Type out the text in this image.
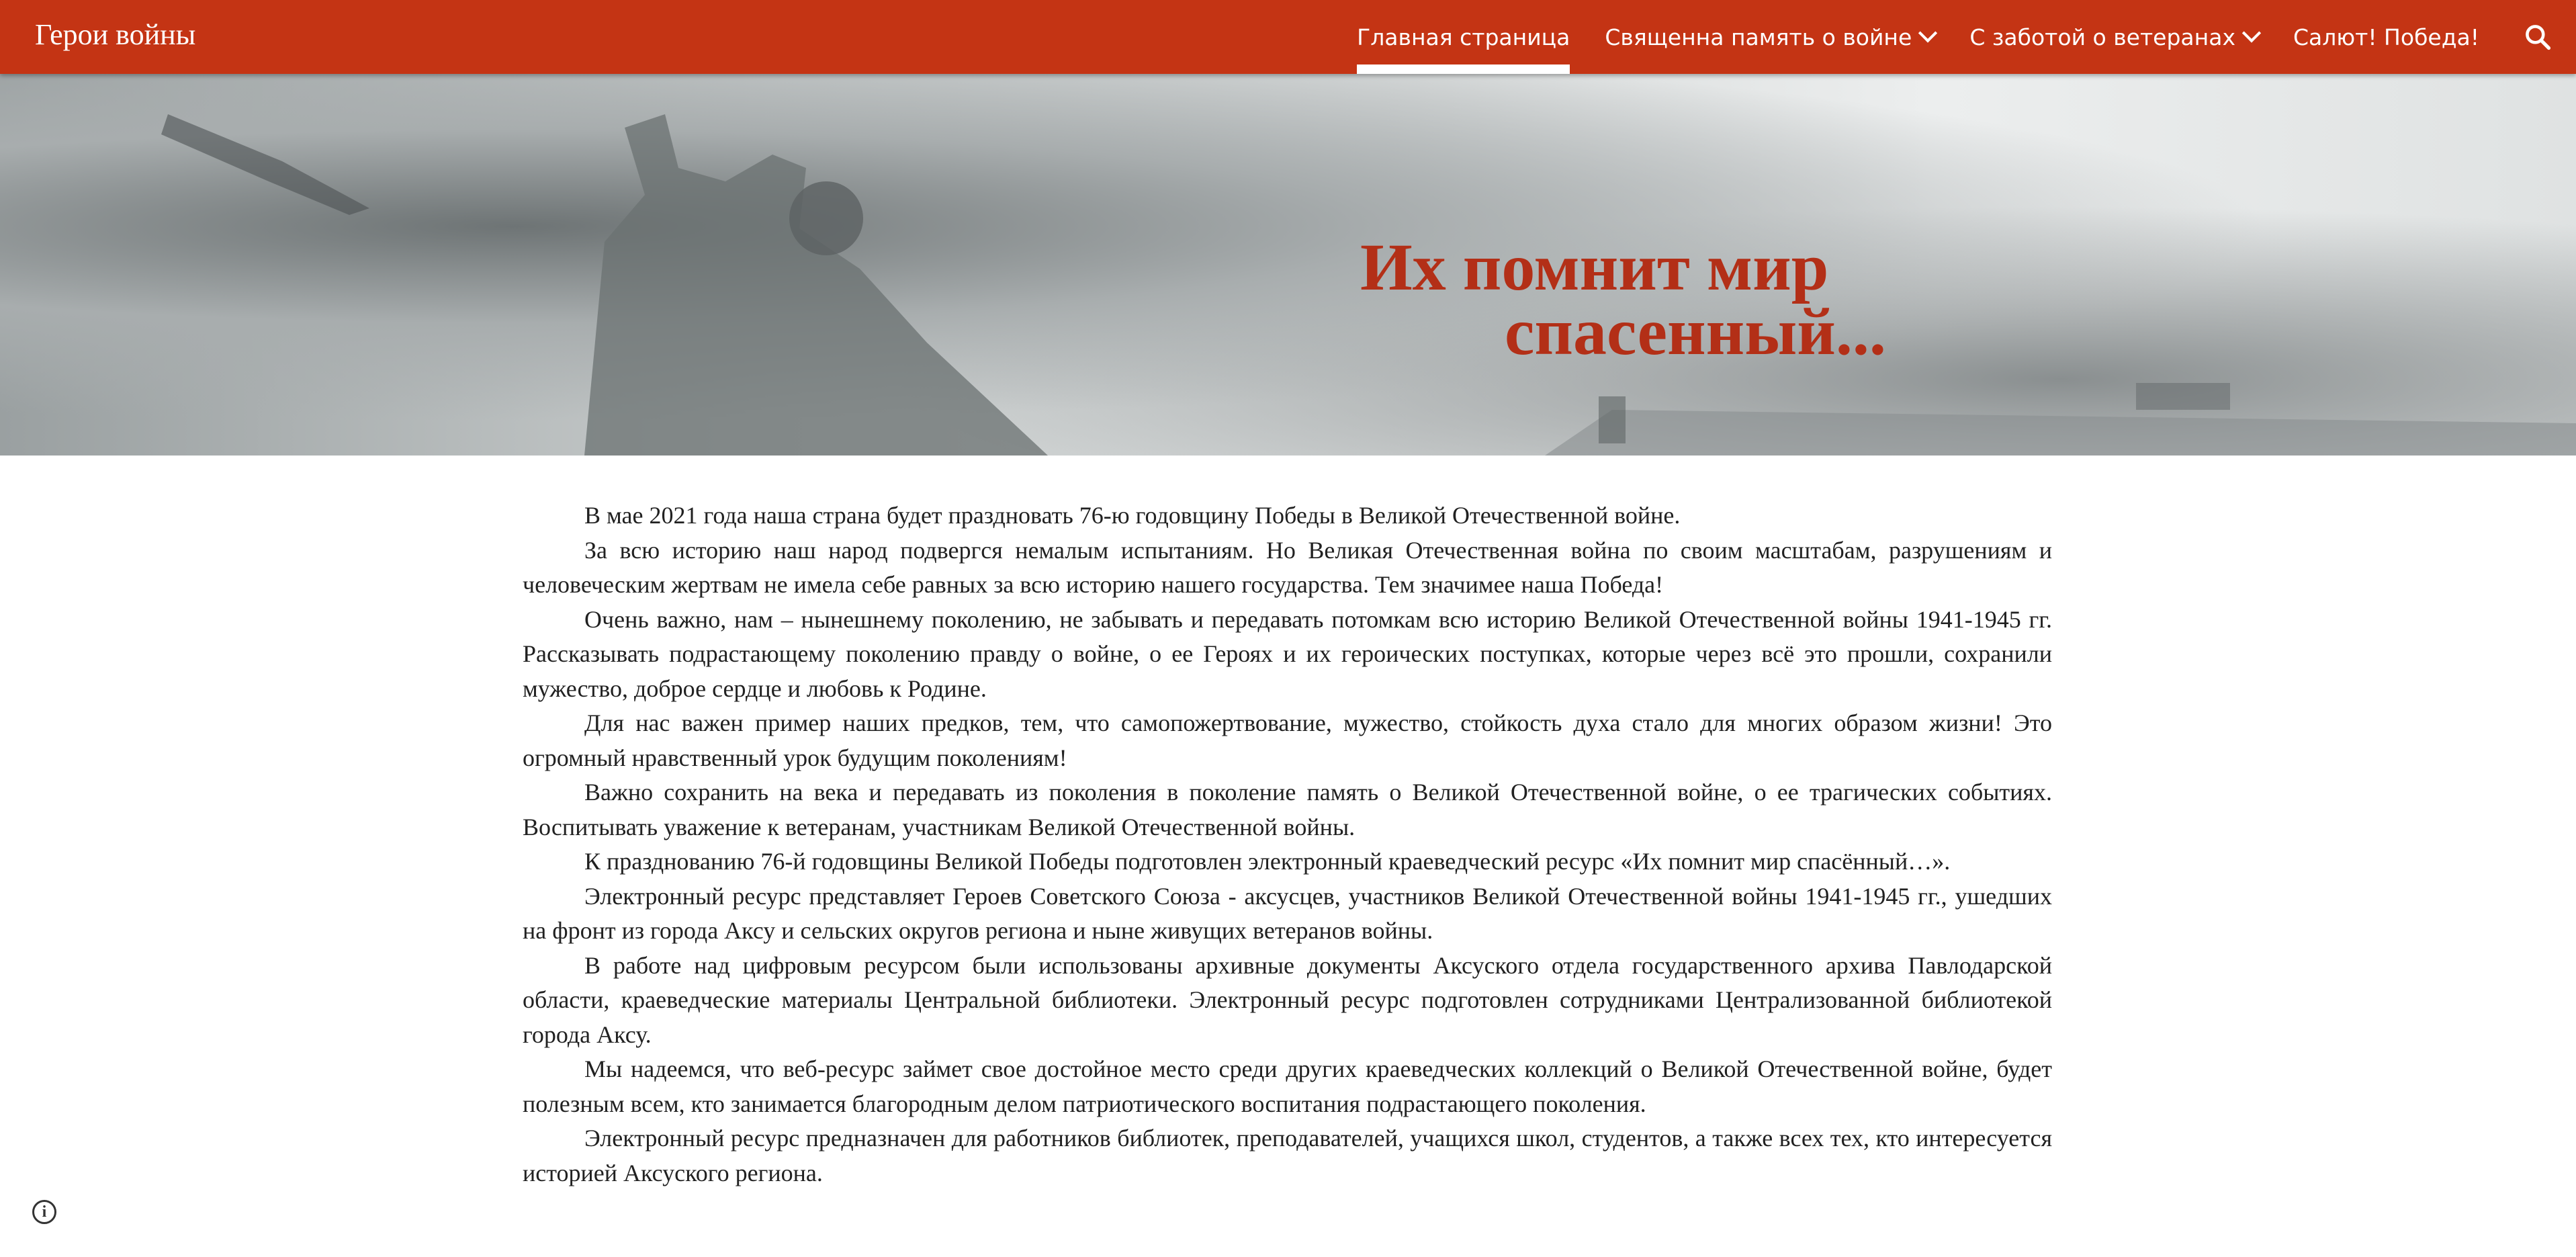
Герои войны	Главная страница Священна память о войне	С заботой о ветеранах	Салют! Победа!
Их помнит мир
спасенный...

В мае 2021 года наша страна будет праздновать 76-ю годовщину Победы в Великой Отечественной войне.

За всю историю наш народ подвергся немалым испытаниям. Но Великая Отечественная война по своим масштабам, разрушениям и человеческим жертвам не имела себе равных за всю историю нашего государства. Тем значимее наша Победа!

Очень важно, нам – нынешнему поколению, не забывать и передавать потомкам всю историю Великой Отечественной войны 1941-1945 гг. Рассказывать подрастающему поколению правду о войне, о ее Героях и их героических поступках, которые через всё это прошли, сохранили мужество, доброе сердце и любовь к Родине.

Для нас важен пример наших предков, тем, что самопожертвование, мужество, стойкость духа стало для многих образом жизни! Это огромный нравственный урок будущим поколениям!

Важно сохранить на века и передавать из поколения в поколение память о Великой Отечественной войне, о ее трагических событиях. Воспитывать уважение к ветеранам, участникам Великой Отечественной войны.

К празднованию 76-й годовщины Великой Победы подготовлен электронный краеведческий ресурс «Их помнит мир спасённый…».

Электронный ресурс представляет Героев Советского Союза - аксусцев, участников Великой Отечественной войны 1941-1945 гг., ушедших на фронт из города Аксу и сельских округов региона и ныне живущих ветеранов войны.

В работе над цифровым ресурсом были использованы архивные документы Аксуского отдела государственного архива Павлодарской области, краеведческие материалы Центральной библиотеки. Электронный ресурс подготовлен сотрудниками Централизованной библиотекой города Аксу.

Мы надеемся, что веб-ресурс займет свое достойное место среди других краеведческих коллекций о Великой Отечественной войне, будет полезным всем, кто занимается благородным делом патриотического воспитания подрастающего поколения.

Электронный ресурс предназначен для работников библиотек, преподавателей, учащихся школ, студентов, а также всех тех, кто интересуется историей Аксуского региона.

i
